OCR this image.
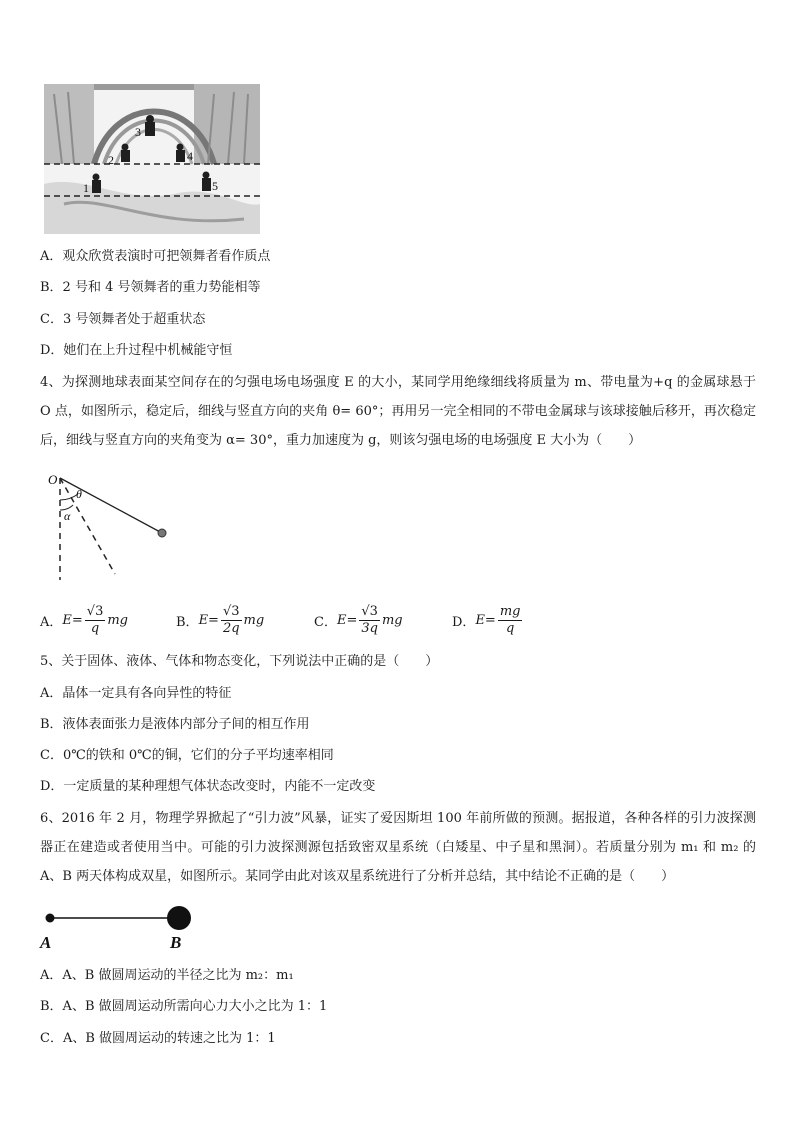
3
2	4
1	5
A．观众欣赏表演时可把领舞者看作质点
B．2 号和 4 号领舞者的重力势能相等
C．3 号领舞者处于超重状态
D．她们在上升过程中机械能守恒
4、为探测地球表面某空间存在的匀强电场电场强度 E 的大小，某同学用绝缘细线将质量为 m、带电量为+q 的金属球悬于 O 点，如图所示，稳定后，细线与竖直方向的夹角 θ= 60°；再用另一完全相同的不带电金属球与该球接触后移开，再次稳定后，细线与竖直方向的夹角变为 α= 30°，重力加速度为 g，则该匀强电场的电场强度 E 大小为（　　）
O
θ
α
A． $E= \frac{√3}{q}$ mg	B． $E= \frac{√3}{2q}$ mg	C． $E= \frac{√3}{3q}$ mg	D． $E= \frac{mg}{q}$
5、关于固体、液体、气体和物态变化，下列说法中正确的是（　　）
A．晶体一定具有各向异性的特征
B．液体表面张力是液体内部分子间的相互作用
C．0℃的铁和 0℃的铜，它们的分子平均速率相同
D．一定质量的某种理想气体状态改变时，内能不一定改变
6、2016 年 2 月，物理学界掀起了“引力波”风暴，证实了爱因斯坦 100 年前所做的预测。据报道，各种各样的引力波探测器正在建造或者使用当中。可能的引力波探测源包括致密双星系统（白矮星、中子星和黑洞）。若质量分别为 m₁ 和 m₂ 的 A、B 两天体构成双星，如图所示。某同学由此对该双星系统进行了分析并总结，其中结论不正确的是（　　）
A	B
A．A、B 做圆周运动的半径之比为 m₂：m₁
B．A、B 做圆周运动所需向心力大小之比为 1：1
C．A、B 做圆周运动的转速之比为 1：1
